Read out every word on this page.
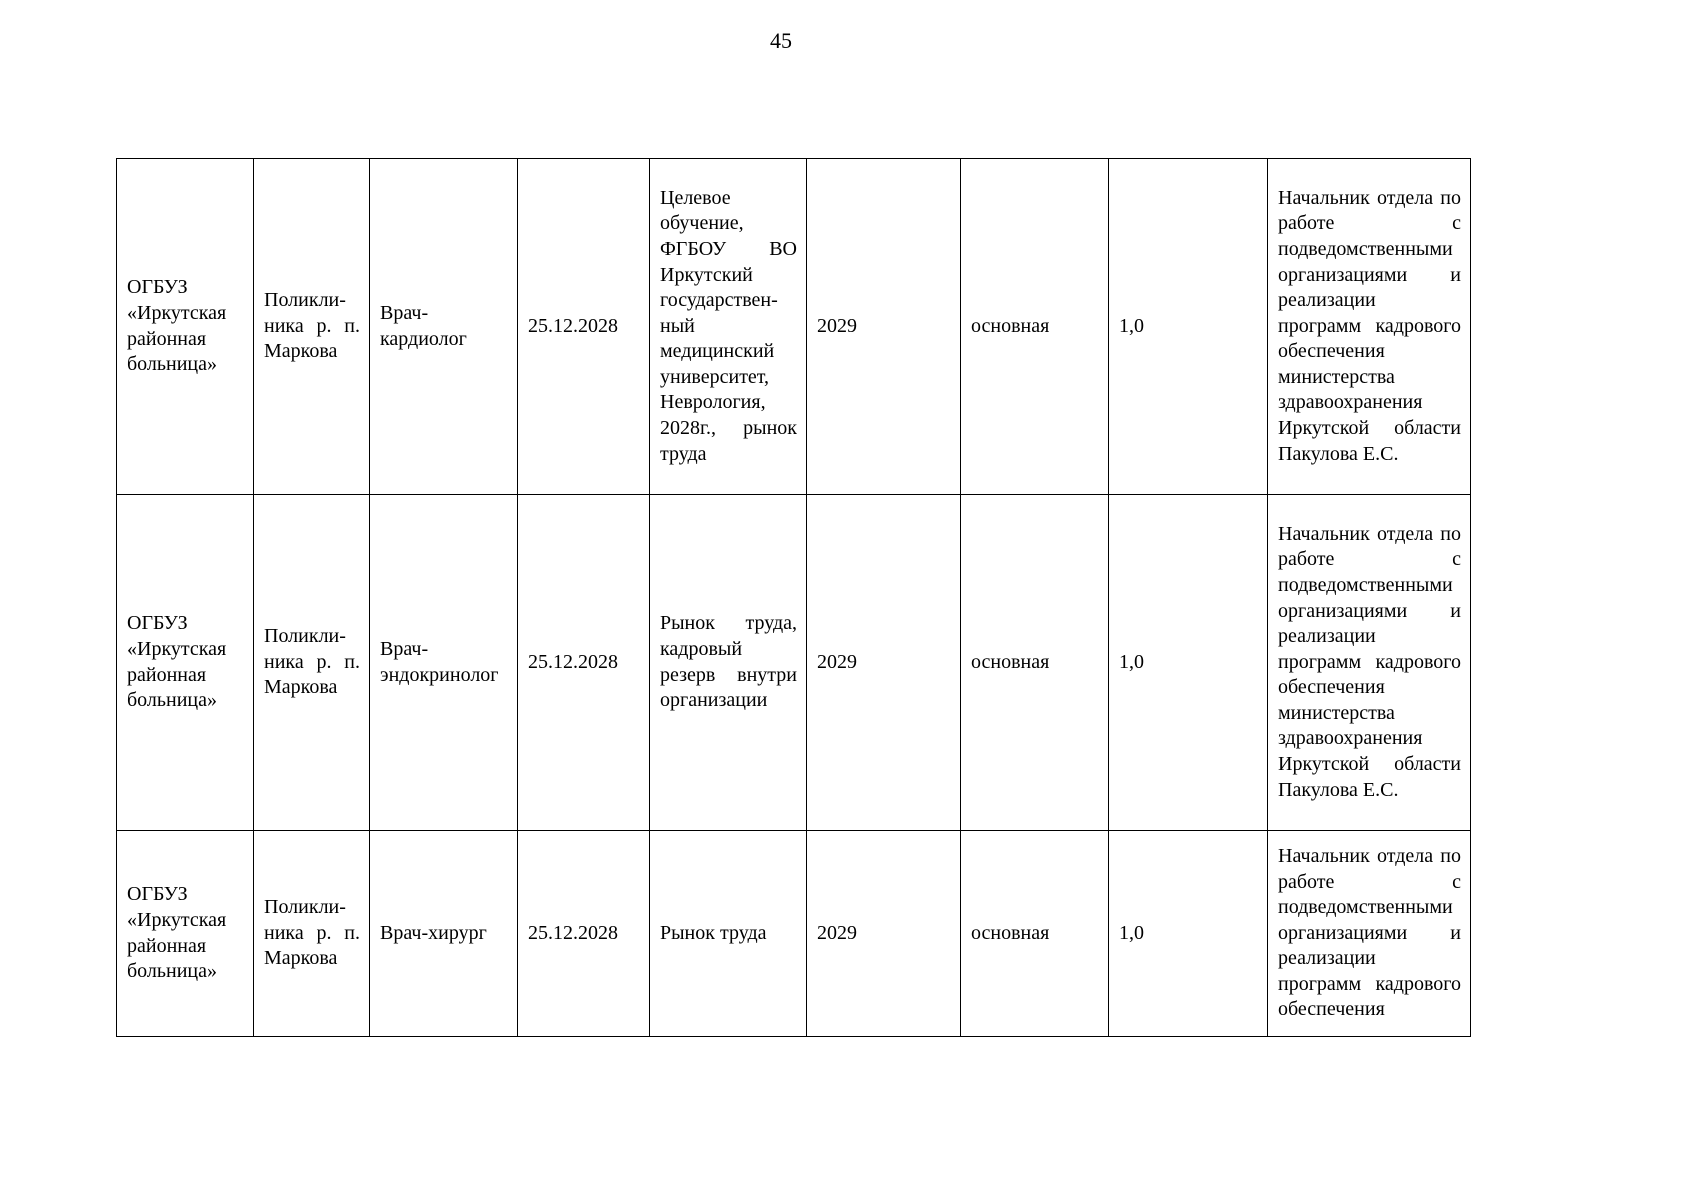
45
ОГБУЗ «Иркутская районная больница»	Поликлиника р. п. Маркова	Врач-кардиолог	25.12.2028	Целевое обучение, ФГБОУ ВО Иркутский государственный медицинский университет, Неврология, 2028г., рынок труда	2029	основная	1,0	Начальник отдела по работе с подведомственными организациями и реализации программ кадрового обеспечения министерства здравоохранения Иркутской области Пакулова Е.С.
ОГБУЗ «Иркутская районная больница»	Поликлиника р. п. Маркова	Врач-эндокринолог	25.12.2028	Рынок труда, кадровый резерв внутри организации	2029	основная	1,0	Начальник отдела по работе с подведомственными организациями и реализации программ кадрового обеспечения министерства здравоохранения Иркутской области Пакулова Е.С.
ОГБУЗ «Иркутская районная больница»	Поликлиника р. п. Маркова	Врач-хирург	25.12.2028	Рынок труда	2029	основная	1,0	Начальник отдела по работе с подведомственными организациями и реализации программ кадрового обеспечения
